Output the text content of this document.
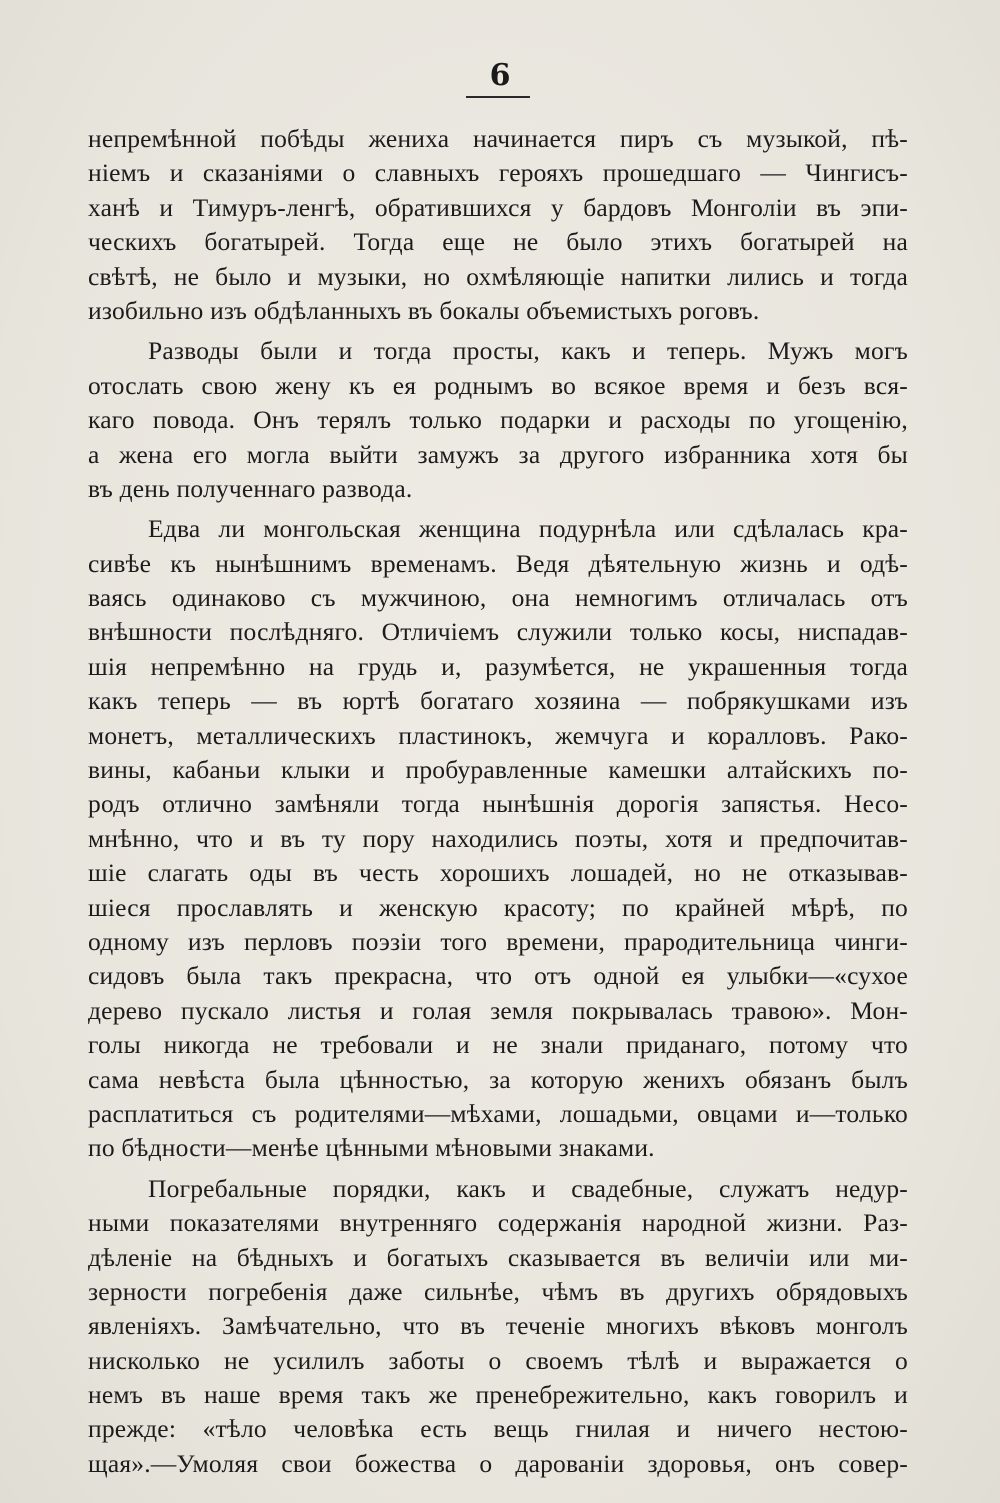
6
непремѣнной побѣды жениха начинается пиръ съ музыкой, пѣ-
ніемъ и сказаніями о славныхъ герояхъ прошедшаго — Чингисъ-
ханѣ и Тимуръ-ленгѣ, обратившихся у бардовъ Монголіи въ эпи-
ческихъ богатырей. Тогда еще не было этихъ богатырей на
свѣтѣ, не было и музыки, но охмѣляющіе напитки лились и тогда
изобильно изъ обдѣланныхъ въ бокалы объемистыхъ роговъ.
Разводы были и тогда просты, какъ и теперь. Мужъ могъ
отослать свою жену къ ея роднымъ во всякое время и безъ вся-
каго повода. Онъ терялъ только подарки и расходы по угощенію,
а жена его могла выйти замужъ за другого избранника хотя бы
въ день полученнаго развода.
Едва ли монгольская женщина подурнѣла или сдѣлалась кра-
сивѣе къ нынѣшнимъ временамъ. Ведя дѣятельную жизнь и одѣ-
ваясь одинаково съ мужчиною, она немногимъ отличалась отъ
внѣшности послѣдняго. Отличіемъ служили только косы, ниспадав-
шія непремѣнно на грудь и, разумѣется, не украшенныя тогда
какъ теперь — въ юртѣ богатаго хозяина — побрякушками изъ
монетъ, металлическихъ пластинокъ, жемчуга и коралловъ. Рако-
вины, кабаньи клыки и пробуравленные камешки алтайскихъ по-
родъ отлично замѣняли тогда нынѣшнія дорогія запястья. Несо-
мнѣнно, что и въ ту пору находились поэты, хотя и предпочитав-
шіе слагать оды въ честь хорошихъ лошадей, но не отказывав-
шіеся прославлять и женскую красоту; по крайней мѣрѣ, по
одному изъ перловъ поэзіи того времени, прародительница чинги-
сидовъ была такъ прекрасна, что отъ одной ея улыбки—«сухое
дерево пускало листья и голая земля покрывалась травою». Мон-
голы никогда не требовали и не знали приданаго, потому что
сама невѣста была цѣнностью, за которую женихъ обязанъ былъ
расплатиться съ родителями—мѣхами, лошадьми, овцами и—только
по бѣдности—менѣе цѣнными мѣновыми знаками.
Погребальные порядки, какъ и свадебные, служатъ недур-
ными показателями внутренняго содержанія народной жизни. Раз-
дѣленіе на бѣдныхъ и богатыхъ сказывается въ величіи или ми-
зерности погребенія даже сильнѣе, чѣмъ въ другихъ обрядовыхъ
явленіяхъ. Замѣчательно, что въ теченіе многихъ вѣковъ монголъ
нисколько не усилилъ заботы о своемъ тѣлѣ и выражается о
немъ въ наше время такъ же пренебрежительно, какъ говорилъ и
прежде: «тѣло человѣка есть вещь гнилая и ничего нестою-
щая».—Умоляя свои божества о дарованіи здоровья, онъ совер-
